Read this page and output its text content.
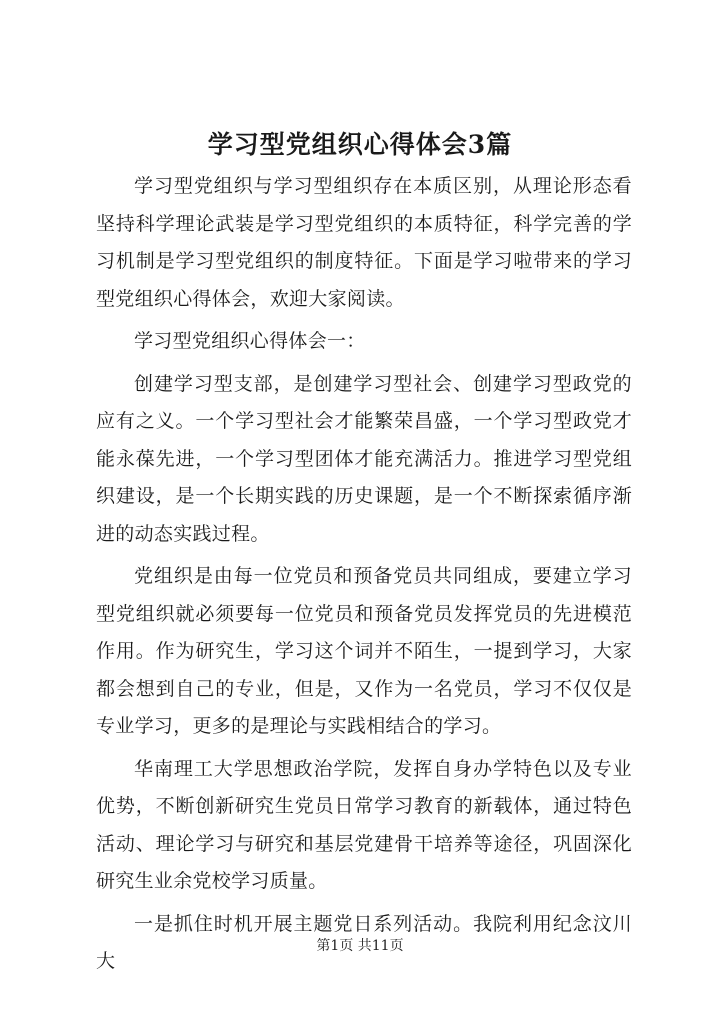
学习型党组织心得体会3篇

学习型党组织与学习型组织存在本质区别，从理论形态看坚持科学理论武装是学习型党组织的本质特征，科学完善的学习机制是学习型党组织的制度特征。下面是学习啦带来的学习型党组织心得体会，欢迎大家阅读。

学习型党组织心得体会一：

创建学习型支部，是创建学习型社会、创建学习型政党的应有之义。一个学习型社会才能繁荣昌盛，一个学习型政党才能永葆先进，一个学习型团体才能充满活力。推进学习型党组织建设，是一个长期实践的历史课题，是一个不断探索循序渐进的动态实践过程。

党组织是由每一位党员和预备党员共同组成，要建立学习型党组织就必须要每一位党员和预备党员发挥党员的先进模范作用。作为研究生，学习这个词并不陌生，一提到学习，大家都会想到自己的专业，但是，又作为一名党员，学习不仅仅是专业学习，更多的是理论与实践相结合的学习。

华南理工大学思想政治学院，发挥自身办学特色以及专业优势，不断创新研究生党员日常学习教育的新载体，通过特色活动、理论学习与研究和基层党建骨干培养等途径，巩固深化研究生业余党校学习质量。

一是抓住时机开展主题党日系列活动。我院利用纪念汶川大

第1页 共11页
